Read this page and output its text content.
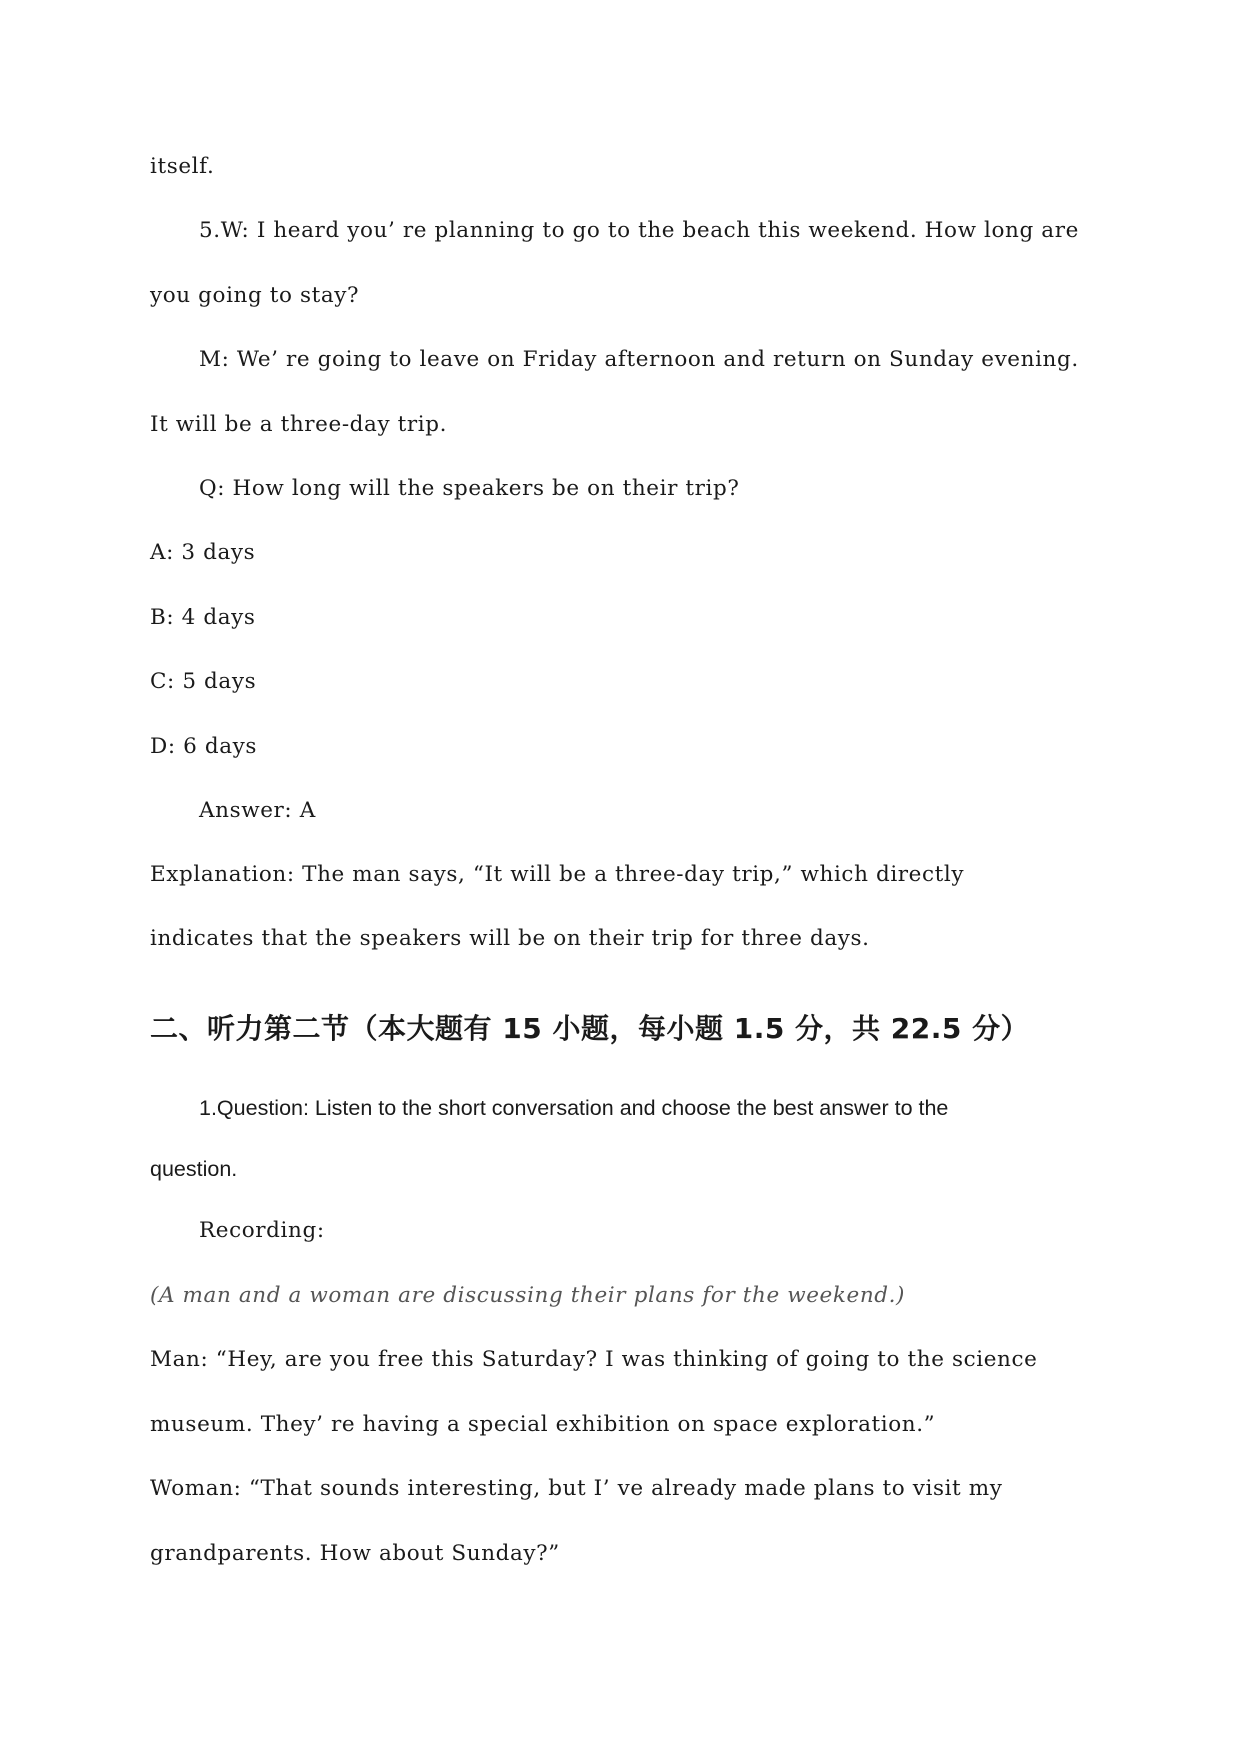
itself.

5.W: I heard you’ re planning to go to the beach this weekend. How long are

you going to stay?

M: We’ re going to leave on Friday afternoon and return on Sunday evening.

It will be a three-day trip.

Q: How long will the speakers be on their trip?

A: 3 days

B: 4 days

C: 5 days

D: 6 days

Answer: A

Explanation: The man says, “It will be a three-day trip,” which directly

indicates that the speakers will be on their trip for three days.

二、听力第二节（本大题有 15 小题，每小题 1.5 分，共 22.5 分）

1.Question: Listen to the short conversation and choose the best answer to the

question.

Recording:

(A man and a woman are discussing their plans for the weekend.)

Man: “Hey, are you free this Saturday? I was thinking of going to the science

museum. They’ re having a special exhibition on space exploration.”

Woman: “That sounds interesting, but I’ ve already made plans to visit my

grandparents. How about Sunday?”
